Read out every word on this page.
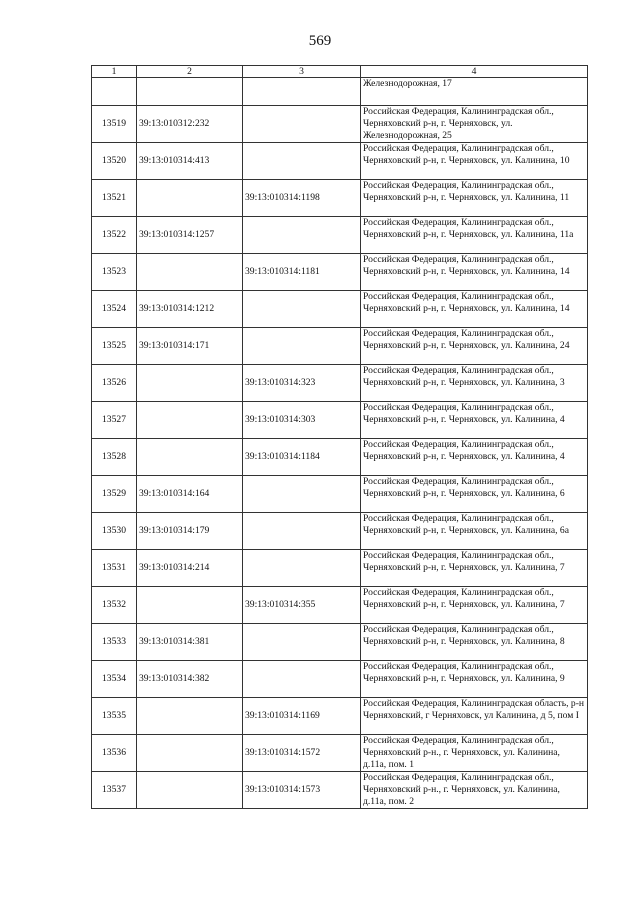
569
1	2	3	4
			Железнодорожная, 17
13519	39:13:010312:232		Российская Федерация, Калининградская обл., Черняховский р-н, г. Черняховск, ул. Железнодорожная, 25
13520	39:13:010314:413		Российская Федерация, Калининградская обл., Черняховский р-н, г. Черняховск, ул. Калинина, 10
13521		39:13:010314:1198	Российская Федерация, Калининградская обл., Черняховский р-н, г. Черняховск, ул. Калинина, 11
13522	39:13:010314:1257		Российская Федерация, Калининградская обл., Черняховский р-н, г. Черняховск, ул. Калинина, 11а
13523		39:13:010314:1181	Российская Федерация, Калининградская обл., Черняховский р-н, г. Черняховск, ул. Калинина, 14
13524	39:13:010314:1212		Российская Федерация, Калининградская обл., Черняховский р-н, г. Черняховск, ул. Калинина, 14
13525	39:13:010314:171		Российская Федерация, Калининградская обл., Черняховский р-н, г. Черняховск, ул. Калинина, 24
13526		39:13:010314:323	Российская Федерация, Калининградская обл., Черняховский р-н, г. Черняховск, ул. Калинина, 3
13527		39:13:010314:303	Российская Федерация, Калининградская обл., Черняховский р-н, г. Черняховск, ул. Калинина, 4
13528		39:13:010314:1184	Российская Федерация, Калининградская обл., Черняховский р-н, г. Черняховск, ул. Калинина, 4
13529	39:13:010314:164		Российская Федерация, Калининградская обл., Черняховский р-н, г. Черняховск, ул. Калинина, 6
13530	39:13:010314:179		Российская Федерация, Калининградская обл., Черняховский р-н, г. Черняховск, ул. Калинина, 6а
13531	39:13:010314:214		Российская Федерация, Калининградская обл., Черняховский р-н, г. Черняховск, ул. Калинина, 7
13532		39:13:010314:355	Российская Федерация, Калининградская обл., Черняховский р-н, г. Черняховск, ул. Калинина, 7
13533	39:13:010314:381		Российская Федерация, Калининградская обл., Черняховский р-н, г. Черняховск, ул. Калинина, 8
13534	39:13:010314:382		Российская Федерация, Калининградская обл., Черняховский р-н, г. Черняховск, ул. Калинина, 9
13535		39:13:010314:1169	Российская Федерация, Калининградская область, р-н Черняховский, г Черняховск, ул Калинина, д 5, пом I
13536		39:13:010314:1572	Российская Федерация, Калининградская обл., Черняховский р-н., г. Черняховск, ул. Калинина, д.11а, пом. 1
13537		39:13:010314:1573	Российская Федерация, Калининградская обл., Черняховский р-н., г. Черняховск, ул. Калинина, д.11а, пом. 2
